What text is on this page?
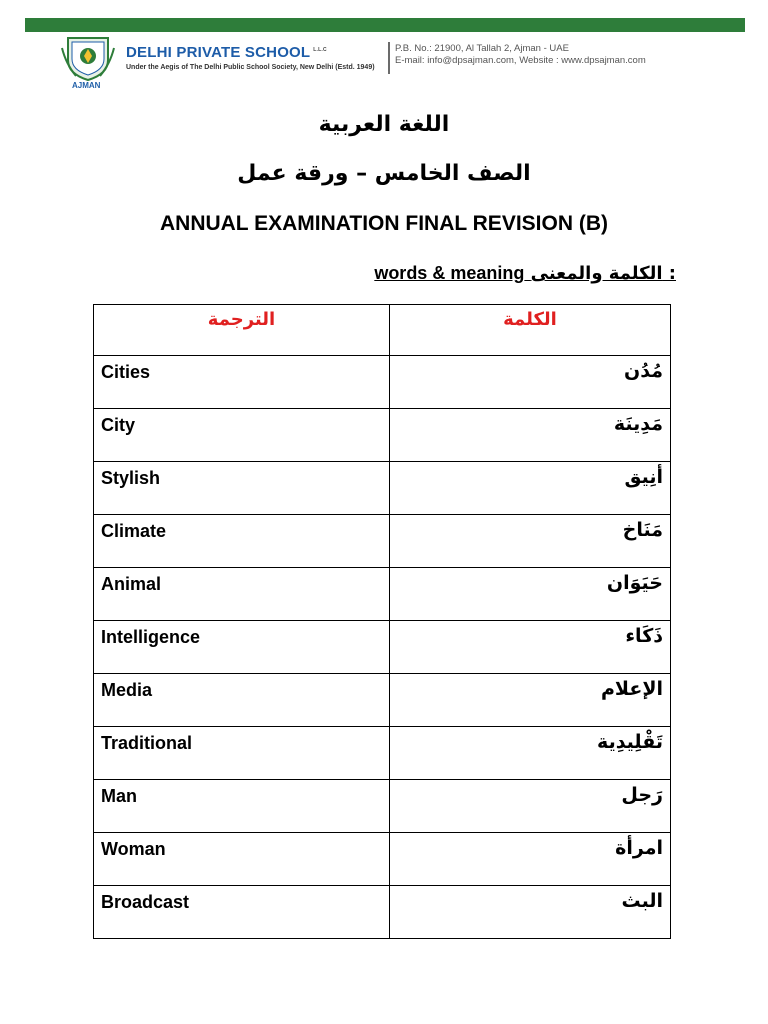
AJMAN
DELHI PRIVATE SCHOOL $^{L.L.C}$
Under the Aegis of The Delhi Public School Society, New Delhi (Estd. 1949)
P.B. No.: 21900, Al Tallah 2, Ajman - UAE
E-mail: info@dpsajman.com, Website : www.dpsajman.com
اللغة العربية
الصف الخامس – ورقة عمل
ANNUAL EXAMINATION FINAL REVISION (B)
words & meaning الكلمة والمعنى :
الترجمة	الكلمة
Cities	مُدُن
City	مَدِينَة
Stylish	أنِيق
Climate	مَنَاخ
Animal	حَيَوَان
Intelligence	ذَكَاء
Media	الإعلام
Traditional	تَقْلِيدِية
Man	رَجل
Woman	امرأة
Broadcast	البث
